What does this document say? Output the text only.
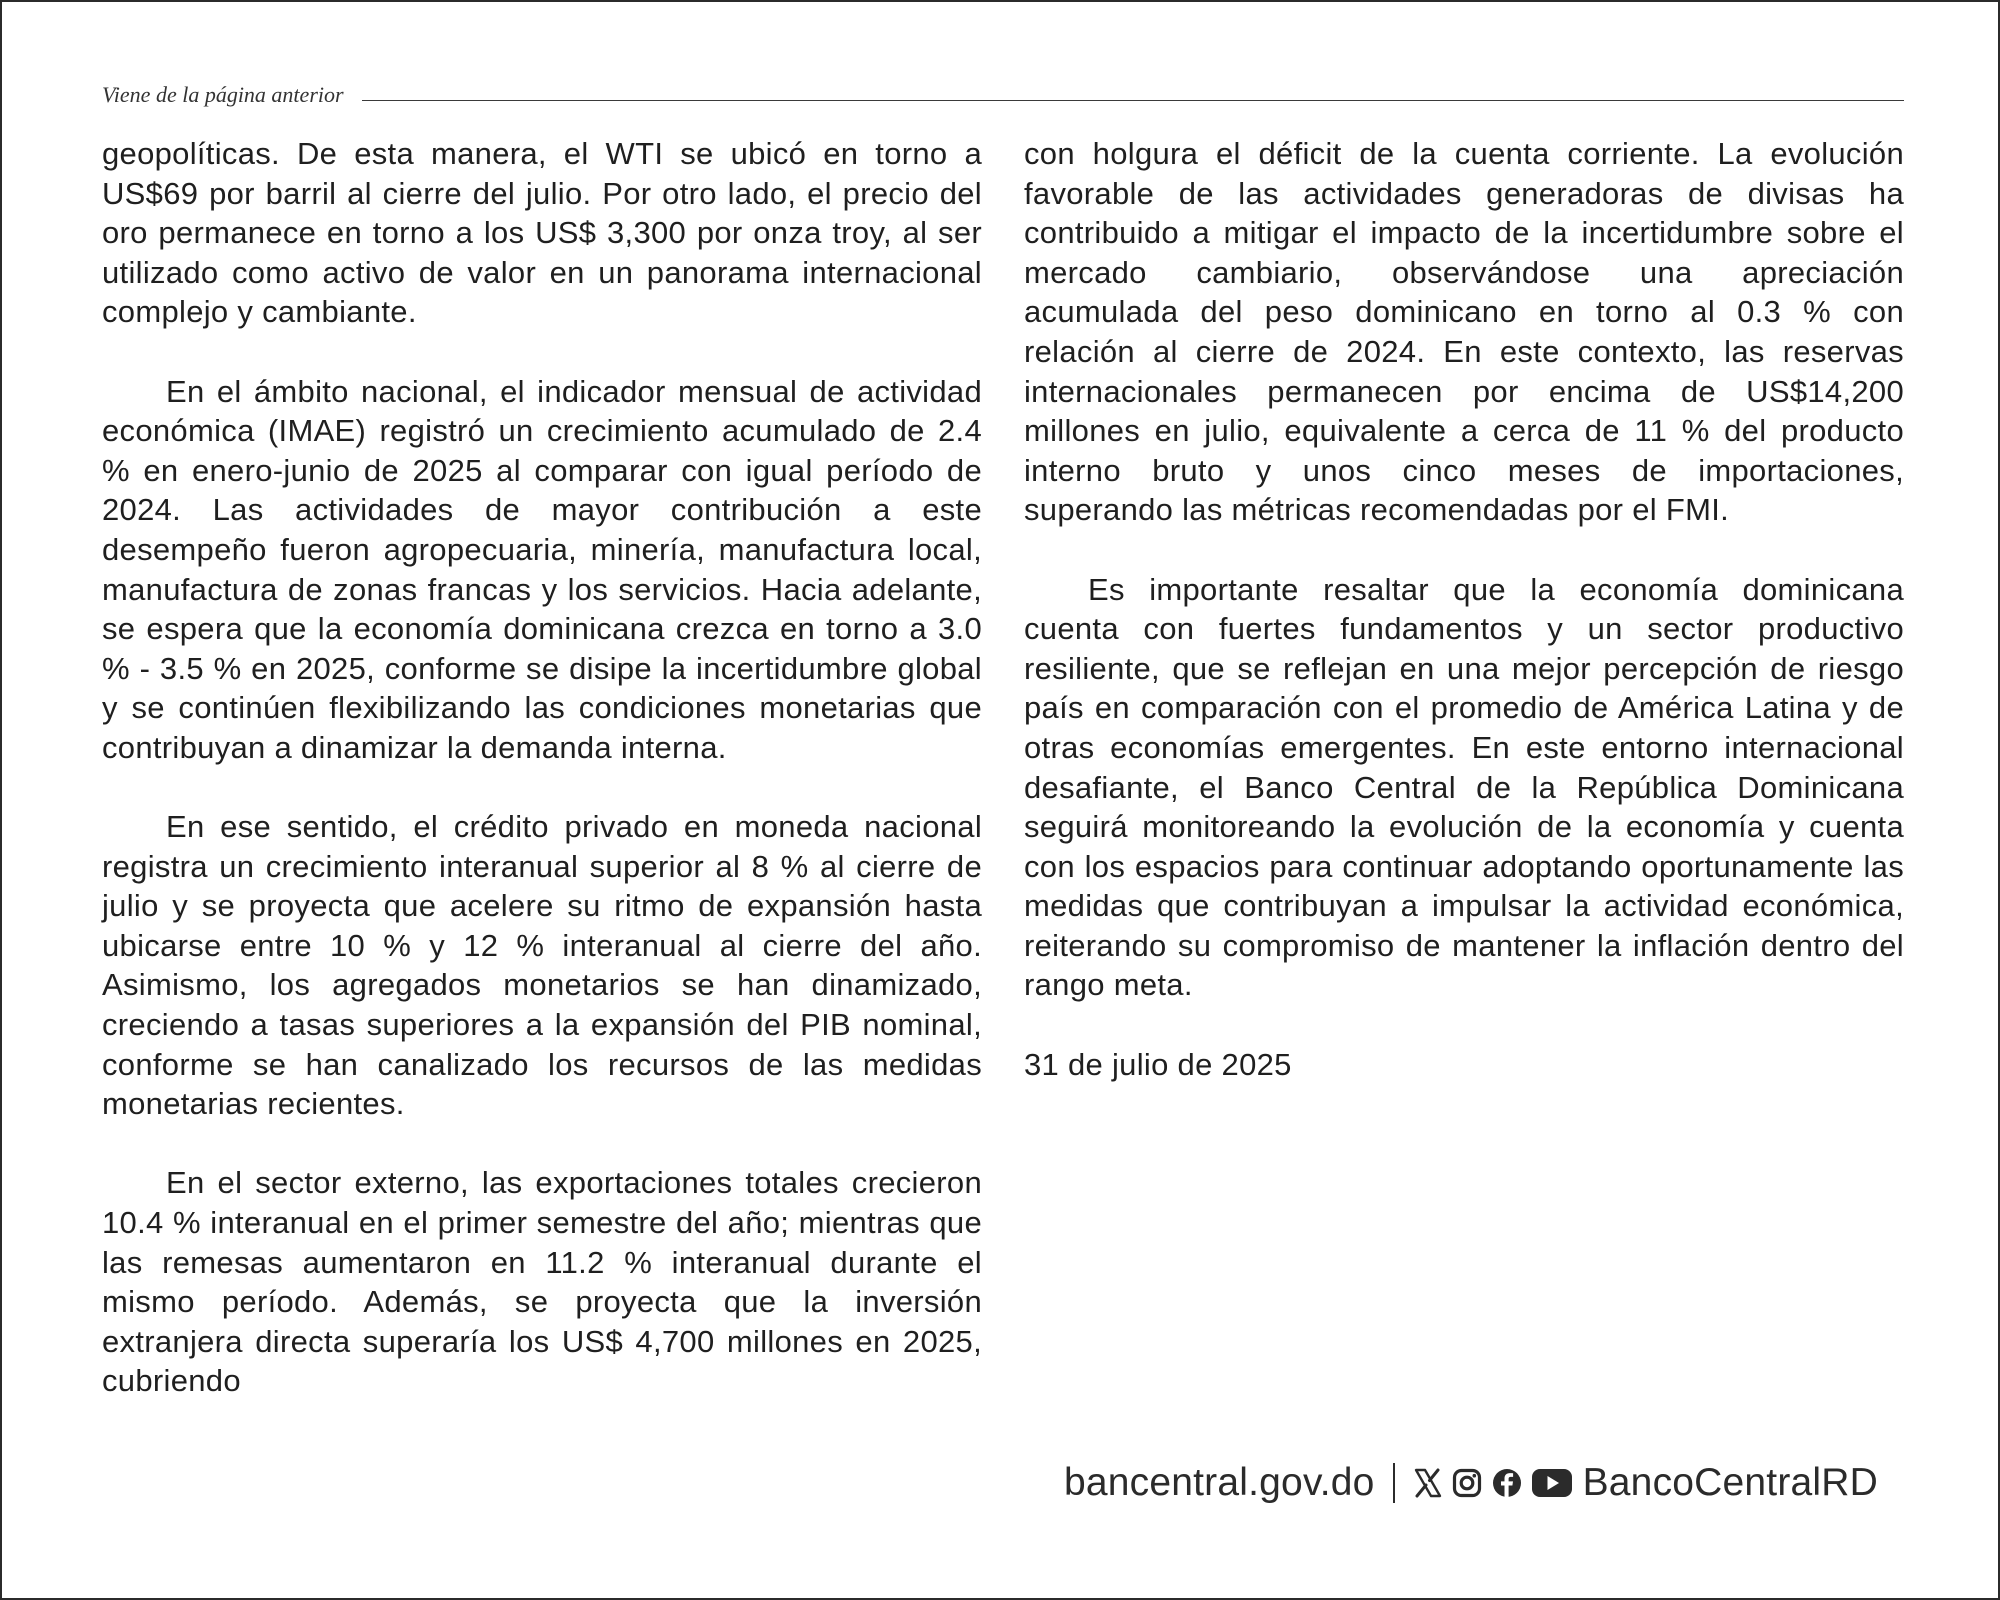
Viene de la página anterior

geopolíticas. De esta manera, el WTI se ubicó en torno a US$69 por barril al cierre del julio. Por otro lado, el precio del oro permanece en torno a los US$ 3,300 por onza troy, al ser utilizado como activo de valor en un panorama internacional complejo y cambiante.

En el ámbito nacional, el indicador mensual de actividad económica (IMAE) registró un crecimiento acumulado de 2.4 % en enero-junio de 2025 al comparar con igual período de 2024. Las actividades de mayor contribución a este desempeño fueron agropecuaria, minería, manufactura local, manufactura de zonas francas y los servicios. Hacia adelante, se espera que la economía dominicana crezca en torno a 3.0 % - 3.5 % en 2025, conforme se disipe la incertidumbre global y se continúen flexibilizando las condiciones monetarias que contribuyan a dinamizar la demanda interna.

En ese sentido, el crédito privado en moneda nacional registra un crecimiento interanual superior al 8 % al cierre de julio y se proyecta que acelere su ritmo de expansión hasta ubicarse entre 10 % y 12 % interanual al cierre del año. Asimismo, los agregados monetarios se han dinamizado, creciendo a tasas superiores a la expansión del PIB nominal, conforme se han canalizado los recursos de las medidas monetarias recientes.

En el sector externo, las exportaciones totales crecieron 10.4 % interanual en el primer semestre del año; mientras que las remesas aumentaron en 11.2 % interanual durante el mismo período. Además, se proyecta que la inversión extranjera directa superaría los US$ 4,700 millones en 2025, cubriendo

con holgura el déficit de la cuenta corriente. La evolución favorable de las actividades generadoras de divisas ha contribuido a mitigar el impacto de la incertidumbre sobre el mercado cambiario, observándose una apreciación acumulada del peso dominicano en torno al 0.3 % con relación al cierre de 2024. En este contexto, las reservas internacionales permanecen por encima de US$14,200 millones en julio, equivalente a cerca de 11 % del producto interno bruto y unos cinco meses de importaciones, superando las métricas recomendadas por el FMI.

Es importante resaltar que la economía dominicana cuenta con fuertes fundamentos y un sector productivo resiliente, que se reflejan en una mejor percepción de riesgo país en comparación con el promedio de América Latina y de otras economías emergentes. En este entorno internacional desafiante, el Banco Central de la República Dominicana seguirá monitoreando la evolución de la economía y cuenta con los espacios para continuar adoptando oportunamente las medidas que contribuyan a impulsar la actividad económica, reiterando su compromiso de mantener la inflación dentro del rango meta.

31 de julio de 2025

bancentral.gov.do	BancoCentralRD
